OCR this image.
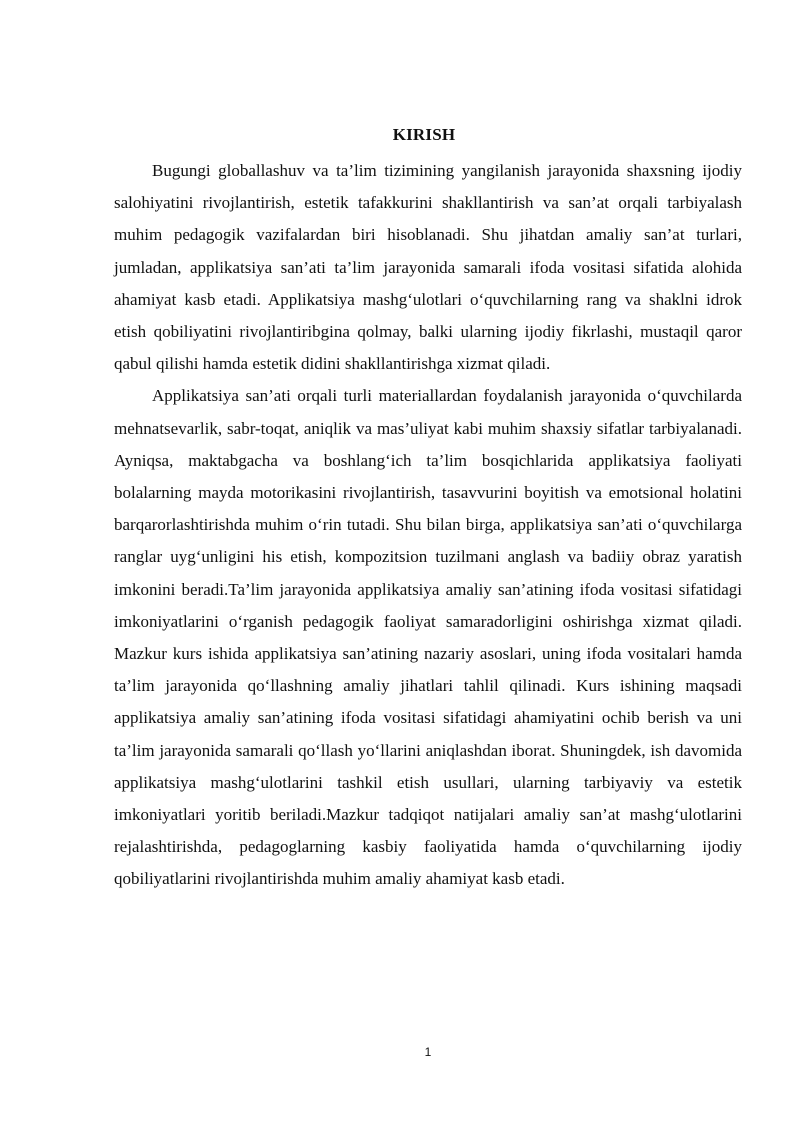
KIRISH

Bugungi globallashuv va ta’lim tizimining yangilanish jarayonida shaxsning ijodiy salohiyatini rivojlantirish, estetik tafakkurini shakllantirish va san’at orqali tarbiyalash muhim pedagogik vazifalardan biri hisoblanadi. Shu jihatdan amaliy san’at turlari, jumladan, applikatsiya san’ati ta’lim jarayonida samarali ifoda vositasi sifatida alohida ahamiyat kasb etadi. Applikatsiya mashg‘ulotlari o‘quvchilarning rang va shaklni idrok etish qobiliyatini rivojlantiribgina qolmay, balki ularning ijodiy fikrlashi, mustaqil qaror qabul qilishi hamda estetik didini shakllantirishga xizmat qiladi.

Applikatsiya san’ati orqali turli materiallardan foydalanish jarayonida o‘quvchilarda mehnatsevarlik, sabr-toqat, aniqlik va mas’uliyat kabi muhim shaxsiy sifatlar tarbiyalanadi. Ayniqsa, maktabgacha va boshlang‘ich ta’lim bosqichlarida applikatsiya faoliyati bolalarning mayda motorikasini rivojlantirish, tasavvurini boyitish va emotsional holatini barqarorlashtirishda muhim o‘rin tutadi. Shu bilan birga, applikatsiya san’ati o‘quvchilarga ranglar uyg‘unligini his etish, kompozitsion tuzilmani anglash va badiiy obraz yaratish imkonini beradi.Ta’lim jarayonida applikatsiya amaliy san’atining ifoda vositasi sifatidagi imkoniyatlarini o‘rganish pedagogik faoliyat samaradorligini oshirishga xizmat qiladi. Mazkur kurs ishida applikatsiya san’atining nazariy asoslari, uning ifoda vositalari hamda ta’lim jarayonida qo‘llashning amaliy jihatlari tahlil qilinadi. Kurs ishining maqsadi applikatsiya amaliy san’atining ifoda vositasi sifatidagi ahamiyatini ochib berish va uni ta’lim jarayonida samarali qo‘llash yo‘llarini aniqlashdan iborat. Shuningdek, ish davomida applikatsiya mashg‘ulotlarini tashkil etish usullari, ularning tarbiyaviy va estetik imkoniyatlari yoritib beriladi.Mazkur tadqiqot natijalari amaliy san’at mashg‘ulotlarini rejalashtirishda, pedagoglarning kasbiy faoliyatida hamda o‘quvchilarning ijodiy qobiliyatlarini rivojlantirishda muhim amaliy ahamiyat kasb etadi.

1
